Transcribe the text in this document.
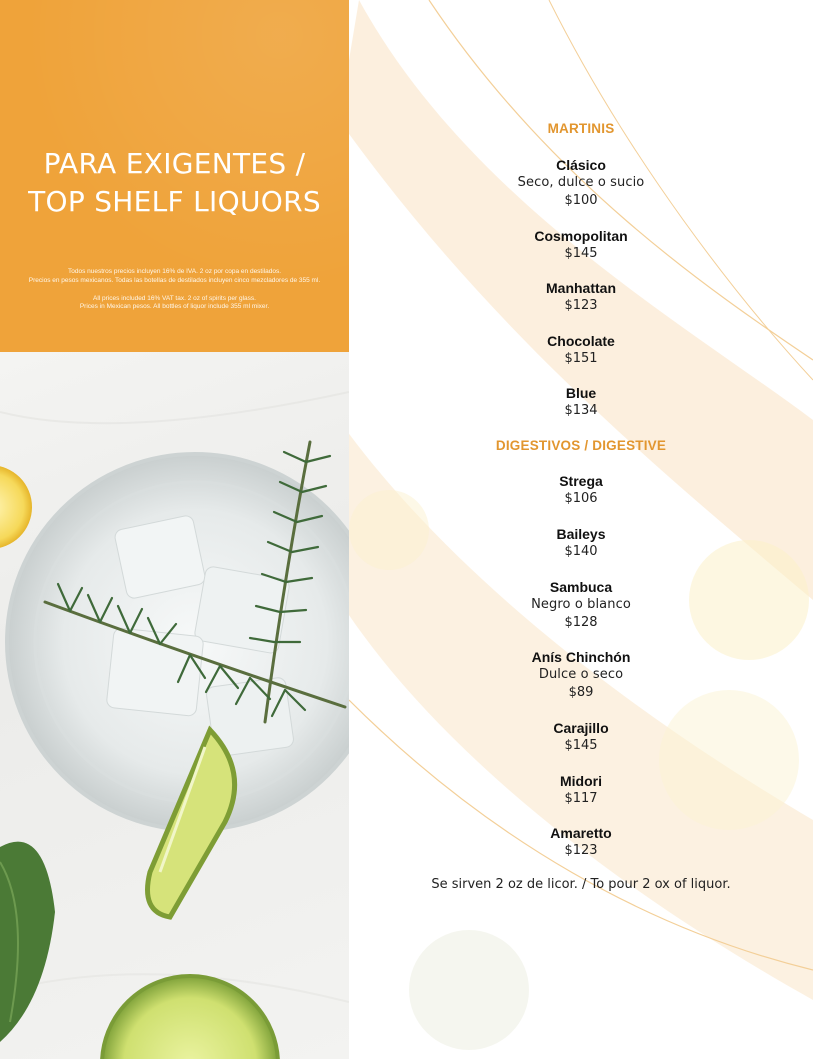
PARA EXIGENTES /
TOP SHELF LIQUORS

Todos nuestros precios incluyen 16% de IVA. 2 oz por copa en destilados.
Precios en pesos mexicanos. Todas las botellas de destilados incluyen cinco mezcladores de 355 ml.

All prices included 16% VAT tax. 2 oz of spirits per glass.
Prices in Mexican pesos. All bottles of liquor include 355 ml mixer.

MARTINIS
Clásico
Seco, dulce o sucio
$100
Cosmopolitan
$145
Manhattan
$123
Chocolate
$151
Blue
$134
DIGESTIVOS / DIGESTIVE
Strega
$106
Baileys
$140
Sambuca
Negro o blanco
$128
Anís Chinchón
Dulce o seco
$89
Carajillo
$145
Midori
$117
Amaretto
$123
Se sirven 2 oz de licor. / To pour 2 ox of liquor.
